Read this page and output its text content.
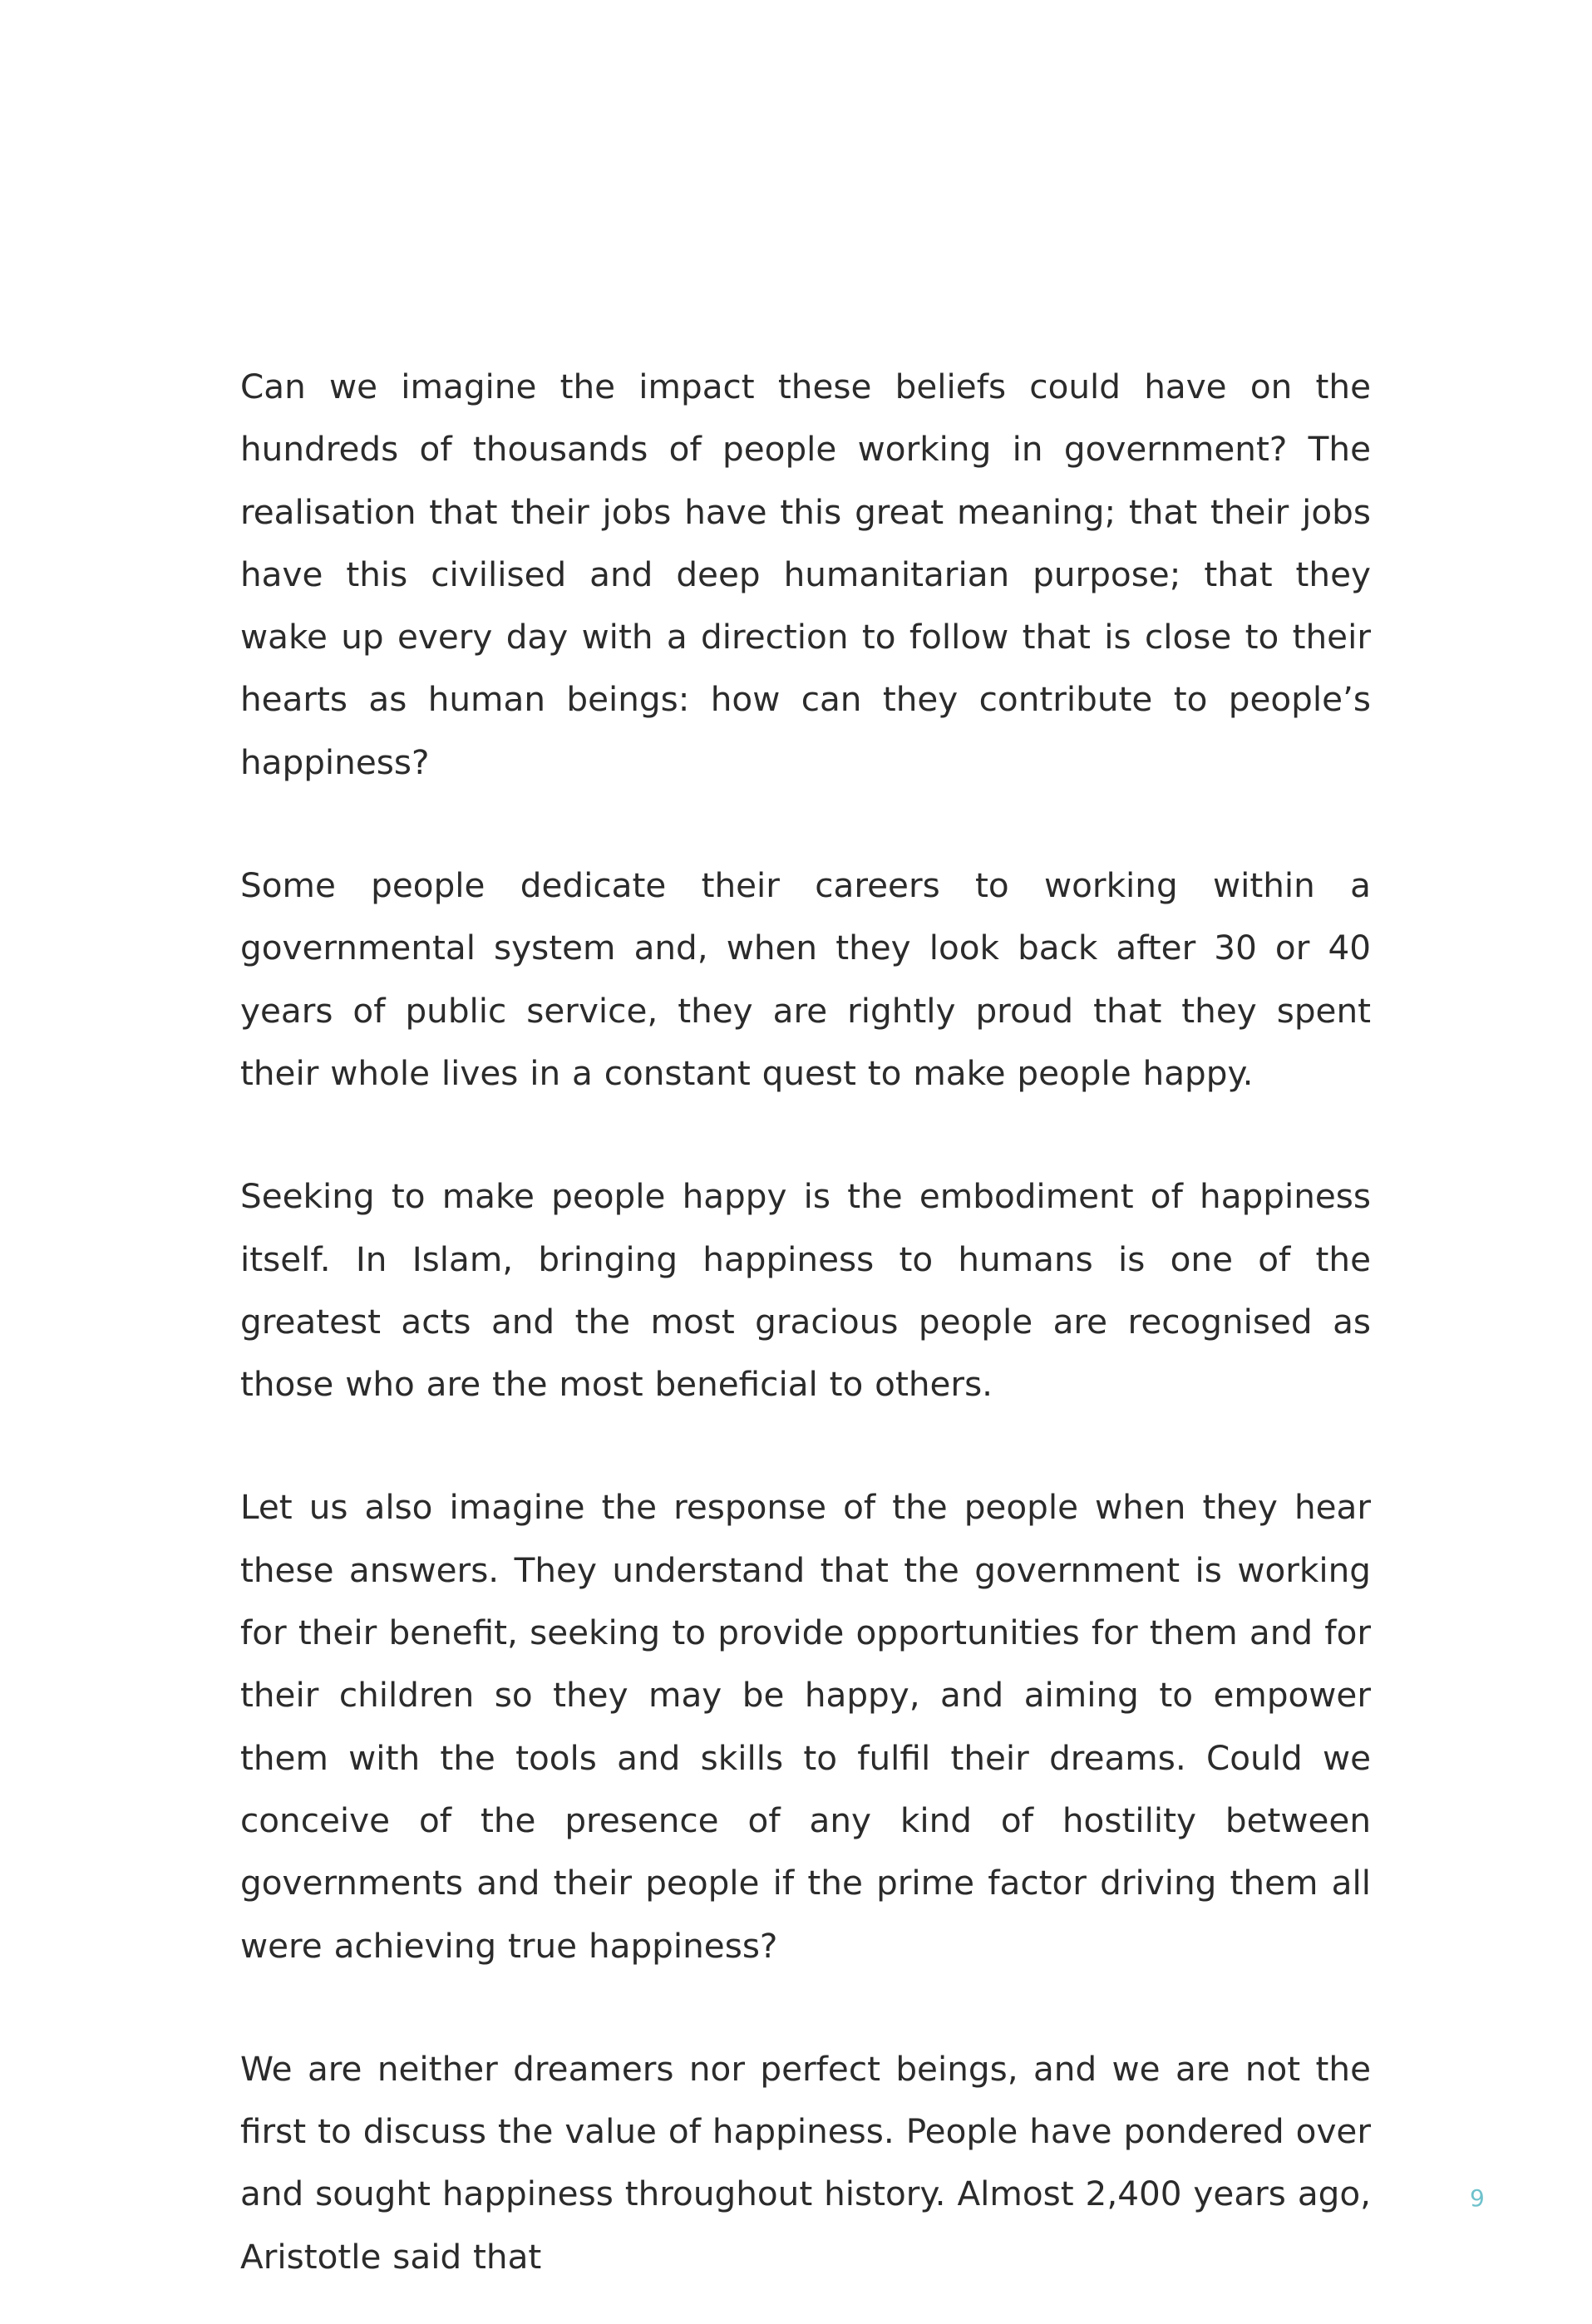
Can we imagine the impact these beliefs could have on the hundreds of thousands of people working in government? The realisation that their jobs have this great meaning; that their jobs have this civilised and deep humanitarian purpose; that they wake up every day with a direction to follow that is close to their hearts as human beings: how can they contribute to people’s happiness?

Some people dedicate their careers to working within a governmental system and, when they look back after 30 or 40 years of public service, they are rightly proud that they spent their whole lives in a constant quest to make people happy.

Seeking to make people happy is the embodiment of happiness itself. In Islam, bringing happiness to humans is one of the greatest acts and the most gracious people are recognised as those who are the most beneficial to others.

Let us also imagine the response of the people when they hear these answers. They understand that the government is working for their benefit, seeking to provide opportunities for them and for their children so they may be happy, and aiming to empower them with the tools and skills to fulfil their dreams. Could we conceive of the presence of any kind of hostility between governments and their people if the prime factor driving them all were achieving true happiness?

We are neither dreamers nor perfect beings, and we are not the first to discuss the value of happiness. People have pondered over and sought happiness throughout history. Almost 2,400 years ago, Aristotle said that

9
